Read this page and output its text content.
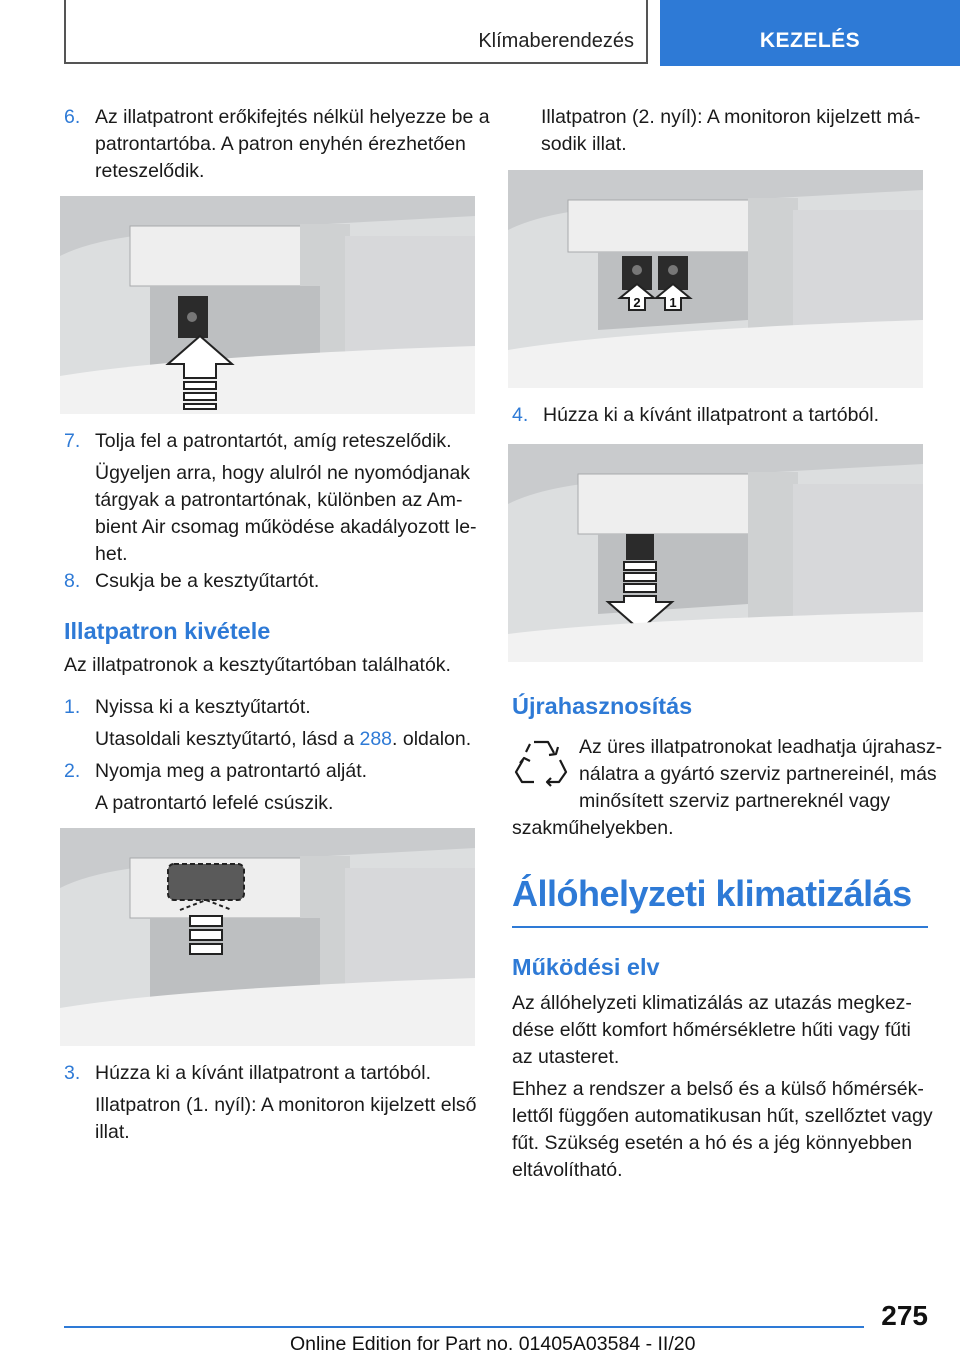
Klímaberendezés	KEZELÉS
6. Az illatpatront erőkifejtés nélkül helyezze be a
patrontartóba. A patron enyhén érezhetően
reteszelődik.
7. Tolja fel a patrontartót, amíg reteszelődik.
Ügyeljen arra, hogy alulról ne nyomódjanak
tárgyak a patrontartónak, különben az Am-
bient Air csomag működése akadályozott le-
het.
8. Csukja be a kesztyűtartót.
Illatpatron kivétele
Az illatpatronok a kesztyűtartóban találhatók.
1. Nyissa ki a kesztyűtartót.
Utasoldali kesztyűtartó, lásd a 288. oldalon.
2. Nyomja meg a patrontartó alját.
A patrontartó lefelé csúszik.
3. Húzza ki a kívánt illatpatront a tartóból.
Illatpatron (1. nyíl): A monitoron kijelzett első
illat.
Illatpatron (2. nyíl): A monitoron kijelzett má-
sodik illat.
2 1
4. Húzza ki a kívánt illatpatront a tartóból.
Újrahasznosítás
Az üres illatpatronokat leadhatja újrahasz-
nálatra a gyártó szerviz partnereinél, más
minősített szerviz partnereknél vagy
szakműhelyekben.
Állóhelyzeti klimatizálás
Működési elv
Az állóhelyzeti klimatizálás az utazás megkez-
dése előtt komfort hőmérsékletre hűti vagy fűti
az utasteret.
Ehhez a rendszer a belső és a külső hőmérsék-
lettől függően automatikusan hűt, szellőztet vagy
fűt. Szükség esetén a hó és a jég könnyebben
eltávolítható.
275
Online Edition for Part no. 01405A03584 - II/20
